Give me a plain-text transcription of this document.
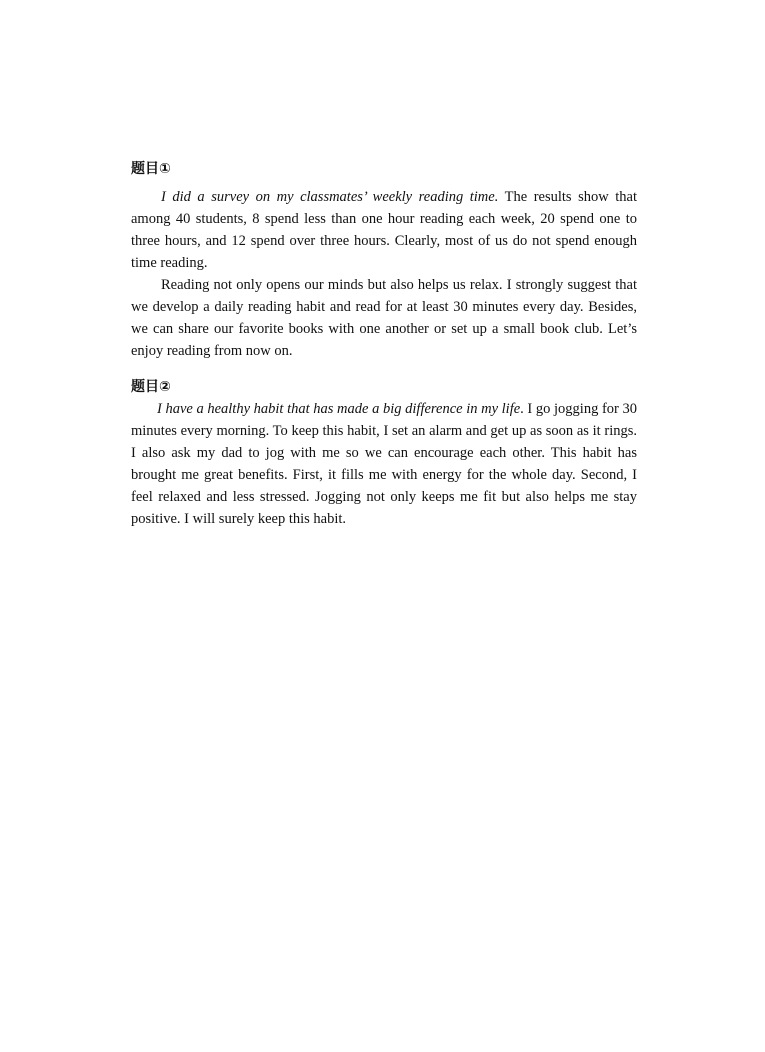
题目①

I did a survey on my classmates’ weekly reading time. The results show that among 40 students, 8 spend less than one hour reading each week, 20 spend one to three hours, and 12 spend over three hours. Clearly, most of us do not spend enough time reading.

Reading not only opens our minds but also helps us relax. I strongly suggest that we develop a daily reading habit and read for at least 30 minutes every day. Besides, we can share our favorite books with one another or set up a small book club. Let’s enjoy reading from now on.

题目②

I have a healthy habit that has made a big difference in my life. I go jogging for 30 minutes every morning. To keep this habit, I set an alarm and get up as soon as it rings. I also ask my dad to jog with me so we can encourage each other. This habit has brought me great benefits. First, it fills me with energy for the whole day. Second, I feel relaxed and less stressed. Jogging not only keeps me fit but also helps me stay positive. I will surely keep this habit.
